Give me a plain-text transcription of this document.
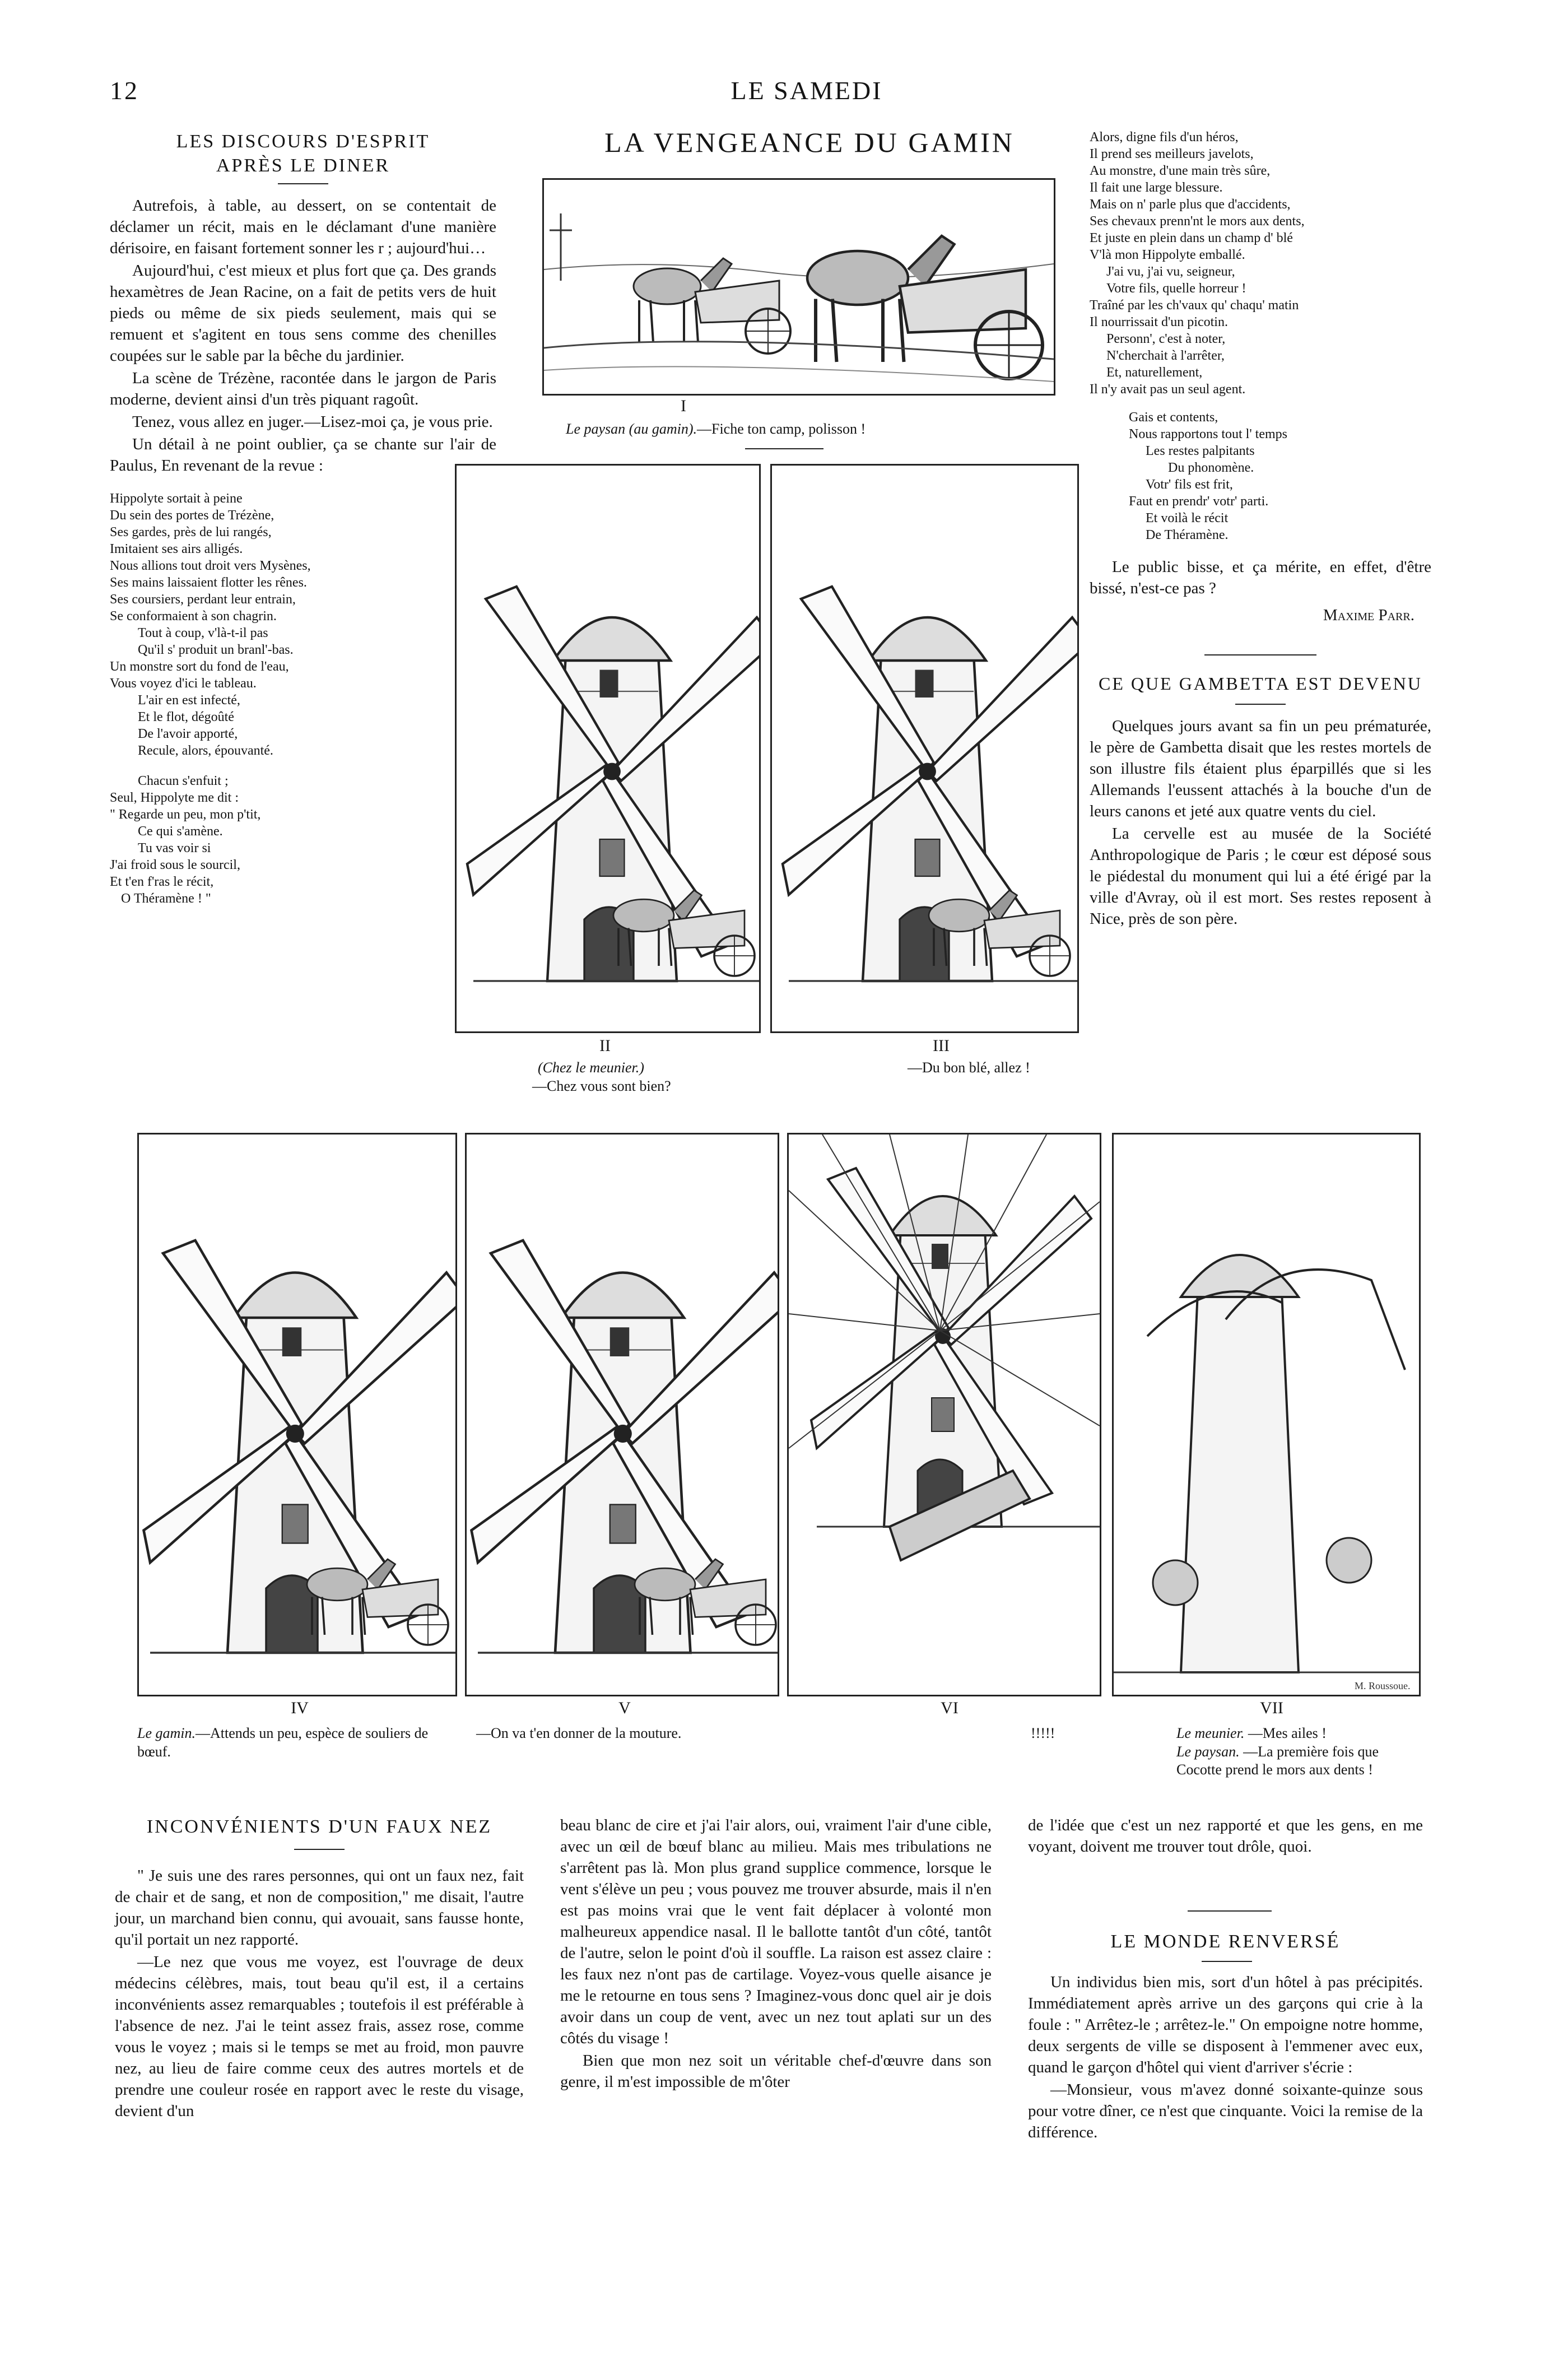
12	LE SAMEDI
LES DISCOURS D'ESPRIT APRÈS LE DINER

Autrefois, à table, au dessert, on se contentait de déclamer un récit, mais en le déclamant d'une manière dérisoire, en faisant fortement sonner les r ; aujourd'hui…

Aujourd'hui, c'est mieux et plus fort que ça. Des grands hexamètres de Jean Racine, on a fait de petits vers de huit pieds ou même de six pieds seulement, mais qui se remuent et s'agitent en tous sens comme des chenilles coupées sur le sable par la bêche du jardinier.

La scène de Trézène, racontée dans le jargon de Paris moderne, devient ainsi d'un très piquant ragoût.

Tenez, vous allez en juger.—Lisez-moi ça, je vous prie.

Un détail à ne point oublier, ça se chante sur l'air de Paulus, En revenant de la revue :

Hippolyte sortait à peine
Du sein des portes de Trézène,
Ses gardes, près de lui rangés,
Imitaient ses airs alligés.
Nous allions tout droit vers Mysènes,
Ses mains laissaient flotter les rênes.
Ses coursiers, perdant leur entrain,
Se conformaient à son chagrin.
Tout à coup, v'là-t-il pas
Qu'il s' produit un branl'-bas.
Un monstre sort du fond de l'eau,
Vous voyez d'ici le tableau.
L'air en est infecté,
Et le flot, dégoûté
De l'avoir apporté,
Recule, alors, épouvanté.
Chacun s'enfuit ;
Seul, Hippolyte me dit :
" Regarde un peu, mon p'tit,
Ce qui s'amène.
Tu vas voir si
J'ai froid sous le sourcil,
Et t'en f'ras le récit,
O Théramène ! "
LA VENGEANCE DU GAMIN
I
Le paysan (au gamin).—Fiche ton camp, polisson !
II
(Chez le meunier.)
—Chez vous sont bien?
III
—Du bon blé, allez !
M. Roussoue.
IV	V	VI	VII
Le gamin.—Attends un peu, espèce de souliers de bœuf.
—On va t'en donner de la mouture.	!!!!!	Le meunier. —Mes ailes !
Le paysan. —La première fois que Cocotte prend le mors aux dents !
Alors, digne fils d'un héros,
Il prend ses meilleurs javelots,
Au monstre, d'une main très sûre,
Il fait une large blessure.
Mais on n' parle plus que d'accidents,
Ses chevaux prenn'nt le mors aux dents,
Et juste en plein dans un champ d' blé
V'là mon Hippolyte emballé.
J'ai vu, j'ai vu, seigneur,
Votre fils, quelle horreur !
Traîné par les ch'vaux qu' chaqu' matin
Il nourrissait d'un picotin.
Personn', c'est à noter,
N'cherchait à l'arrêter,
Et, naturellement,
Il n'y avait pas un seul agent.
Gais et contents,
Nous rapportons tout l' temps
Les restes palpitants
Du phonomène.
Votr' fils est frit,
Faut en prendr' votr' parti.
Et voilà le récit
De Théramène.

Le public bisse, et ça mérite, en effet, d'être bissé, n'est-ce pas ?

Maxime Parr.
CE QUE GAMBETTA EST DEVENU

Quelques jours avant sa fin un peu prématurée, le père de Gambetta disait que les restes mortels de son illustre fils étaient plus éparpillés que si les Allemands l'eussent attachés à la bouche d'un de leurs canons et jeté aux quatre vents du ciel.

La cervelle est au musée de la Société Anthropologique de Paris ; le cœur est déposé sous le piédestal du monument qui lui a été érigé par la ville d'Avray, où il est mort. Ses restes reposent à Nice, près de son père.

INCONVÉNIENTS D'UN FAUX NEZ

" Je suis une des rares personnes, qui ont un faux nez, fait de chair et de sang, et non de composition," me disait, l'autre jour, un marchand bien connu, qui avouait, sans fausse honte, qu'il portait un nez rapporté.

—Le nez que vous me voyez, est l'ouvrage de deux médecins célèbres, mais, tout beau qu'il est, il a certains inconvénients assez remarquables ; toutefois il est préférable à l'absence de nez. J'ai le teint assez frais, assez rose, comme vous le voyez ; mais si le temps se met au froid, mon pauvre nez, au lieu de faire comme ceux des autres mortels et de prendre une couleur rosée en rapport avec le reste du visage, devient d'un

beau blanc de cire et j'ai l'air alors, oui, vraiment l'air d'une cible, avec un œil de bœuf blanc au milieu. Mais mes tribulations ne s'arrêtent pas là. Mon plus grand supplice commence, lorsque le vent s'élève un peu ; vous pouvez me trouver absurde, mais il n'en est pas moins vrai que le vent fait déplacer à volonté mon malheureux appendice nasal. Il le ballotte tantôt d'un côté, tantôt de l'autre, selon le point d'où il souffle. La raison est assez claire : les faux nez n'ont pas de cartilage. Voyez-vous quelle aisance je me le retourne en tous sens ? Imaginez-vous donc quel air je dois avoir dans un coup de vent, avec un nez tout aplati sur un des côtés du visage !

Bien que mon nez soit un véritable chef-d'œuvre dans son genre, il m'est impossible de m'ôter

de l'idée que c'est un nez rapporté et que les gens, en me voyant, doivent me trouver tout drôle, quoi.

LE MONDE RENVERSÉ

Un individus bien mis, sort d'un hôtel à pas précipités. Immédiatement après arrive un des garçons qui crie à la foule : " Arrêtez-le ; arrêtez-le." On empoigne notre homme, deux sergents de ville se disposent à l'emmener avec eux, quand le garçon d'hôtel qui vient d'arriver s'écrie :

—Monsieur, vous m'avez donné soixante-quinze sous pour votre dîner, ce n'est que cinquante. Voici la remise de la différence.
